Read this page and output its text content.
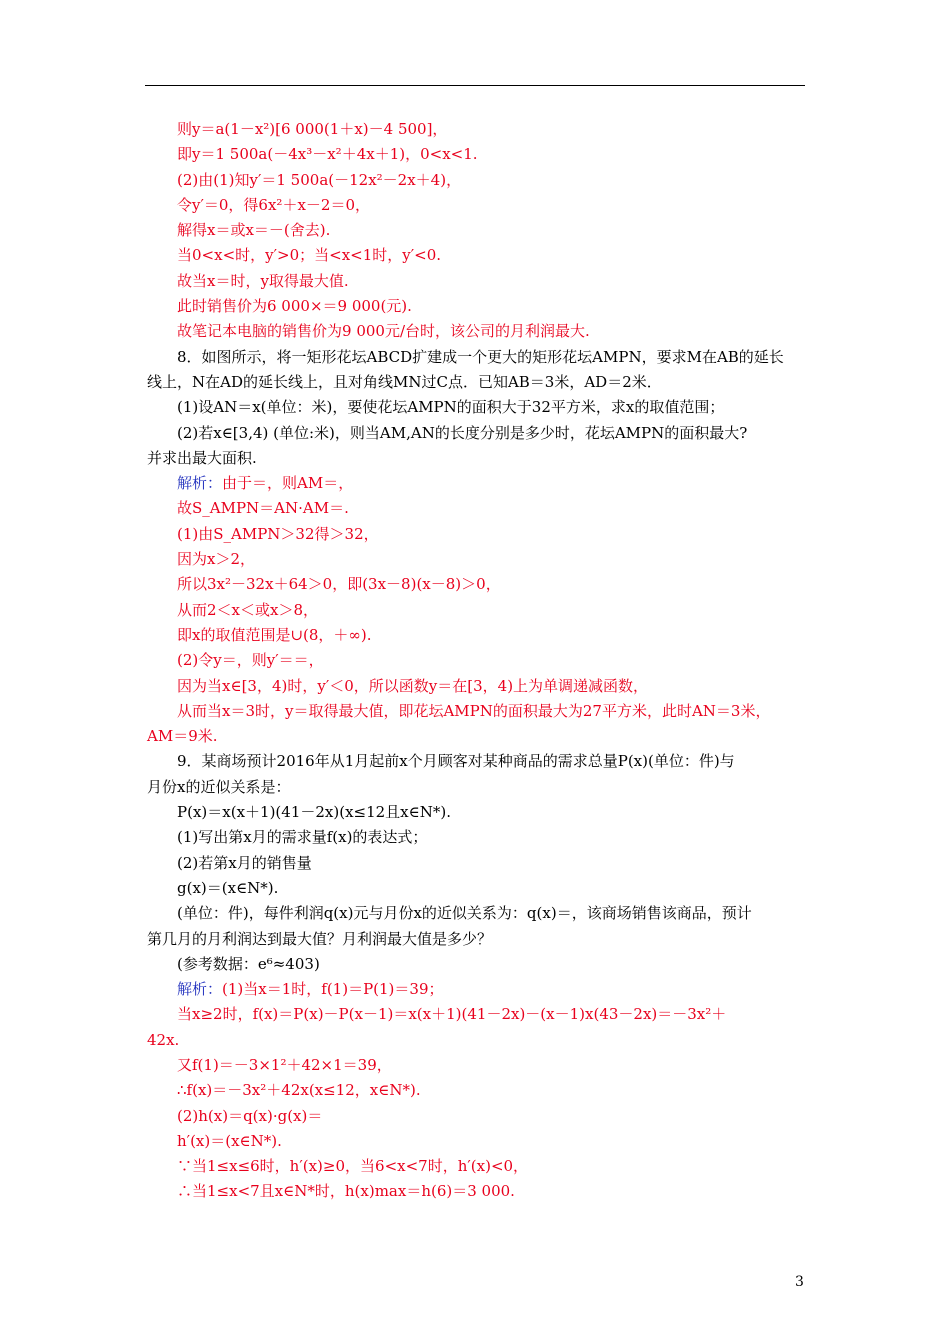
则y＝a(1－x²)[6 000(1＋x)－4 500]，
即y＝1 500a(－4x³－x²＋4x＋1)，0<x<1.
(2)由(1)知y′＝1 500a(－12x²－2x＋4)，
令y′＝0，得6x²＋x－2＝0，
解得x＝或x＝－(舍去).
当0<x<时，y′>0；当<x<1时，y′<0.
故当x＝时，y取得最大值.
此时销售价为6 000×＝9 000(元).
故笔记本电脑的销售价为9 000元/台时，该公司的月利润最大.
8．如图所示，将一矩形花坛ABCD扩建成一个更大的矩形花坛AMPN，要求M在AB的延长
线上，N在AD的延长线上，且对角线MN过C点．已知AB＝3米，AD＝2米．
(1)设AN＝x(单位：米)，要使花坛AMPN的面积大于32平方米，求x的取值范围；
(2)若x∈[3,4) (单位:米)，则当AM,AN的长度分别是多少时，花坛AMPN的面积最大?
并求出最大面积.
解析：由于＝，则AM＝，
故S_AMPN＝AN·AM＝.
(1)由S_AMPN＞32得＞32，
因为x＞2，
所以3x²－32x＋64＞0，即(3x－8)(x－8)＞0，
从而2＜x＜或x＞8，
即x的取值范围是∪(8，＋∞).
(2)令y＝，则y′＝＝，
因为当x∈[3，4)时，y′＜0，所以函数y＝在[3，4)上为单调递减函数，
从而当x＝3时，y＝取得最大值，即花坛AMPN的面积最大为27平方米，此时AN＝3米，
AM＝9米.
9．某商场预计2016年从1月起前x个月顾客对某种商品的需求总量P(x)(单位：件)与
月份x的近似关系是：
P(x)＝x(x＋1)(41－2x)(x≤12且x∈N*).
(1)写出第x月的需求量f(x)的表达式；
(2)若第x月的销售量
g(x)＝(x∈N*).
(单位：件)，每件利润q(x)元与月份x的近似关系为：q(x)＝，该商场销售该商品，预计
第几月的月利润达到最大值？月利润最大值是多少？
(参考数据：e⁶≈403)
解析：(1)当x＝1时，f(1)＝P(1)＝39；
当x≥2时，f(x)＝P(x)－P(x－1)＝x(x＋1)(41－2x)－(x－1)x(43－2x)＝－3x²＋
42x.
又f(1)＝－3×1²＋42×1＝39，
∴f(x)＝－3x²＋42x(x≤12，x∈N*).
(2)h(x)＝q(x)·g(x)＝
h′(x)＝(x∈N*).
∵当1≤x≤6时，h′(x)≥0，当6<x<7时，h′(x)<0，
∴当1≤x<7且x∈N*时，h(x)max＝h(6)＝3 000.
3
